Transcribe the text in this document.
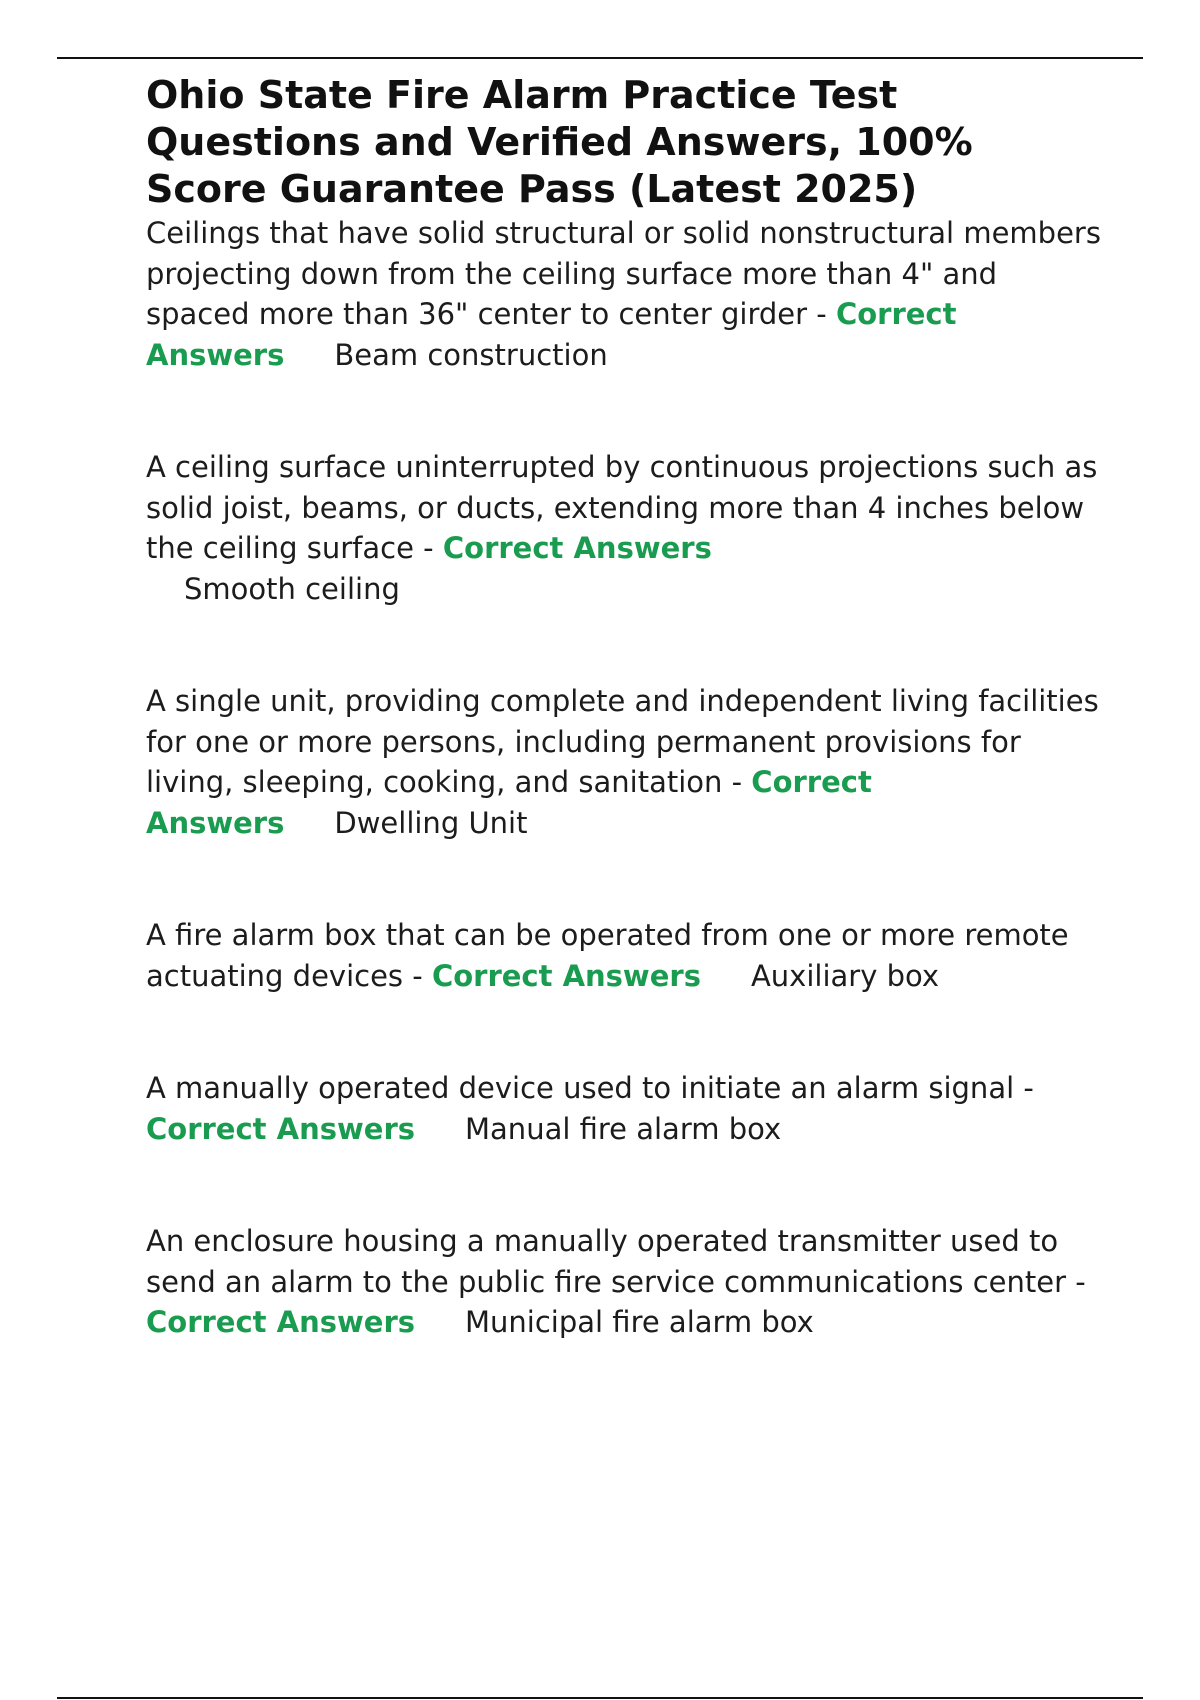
Ohio State Fire Alarm Practice Test Questions and Verified Answers, 100% Score Guarantee Pass (Latest 2025)

Ceilings that have solid structural or solid nonstructural members projecting down from the ceiling surface more than 4" and spaced more than 36" center to center girder - Correct Answers Beam construction

A ceiling surface uninterrupted by continuous projections such as solid joist, beams, or ducts, extending more than 4 inches below the ceiling surface - Correct Answers
Smooth ceiling

A single unit, providing complete and independent living facilities for one or more persons, including permanent provisions for living, sleeping, cooking, and sanitation - Correct Answers Dwelling Unit

A fire alarm box that can be operated from one or more remote actuating devices - Correct Answers Auxiliary box

A manually operated device used to initiate an alarm signal - Correct Answers Manual fire alarm box

An enclosure housing a manually operated transmitter used to send an alarm to the public fire service communications center - Correct Answers Municipal fire alarm box
